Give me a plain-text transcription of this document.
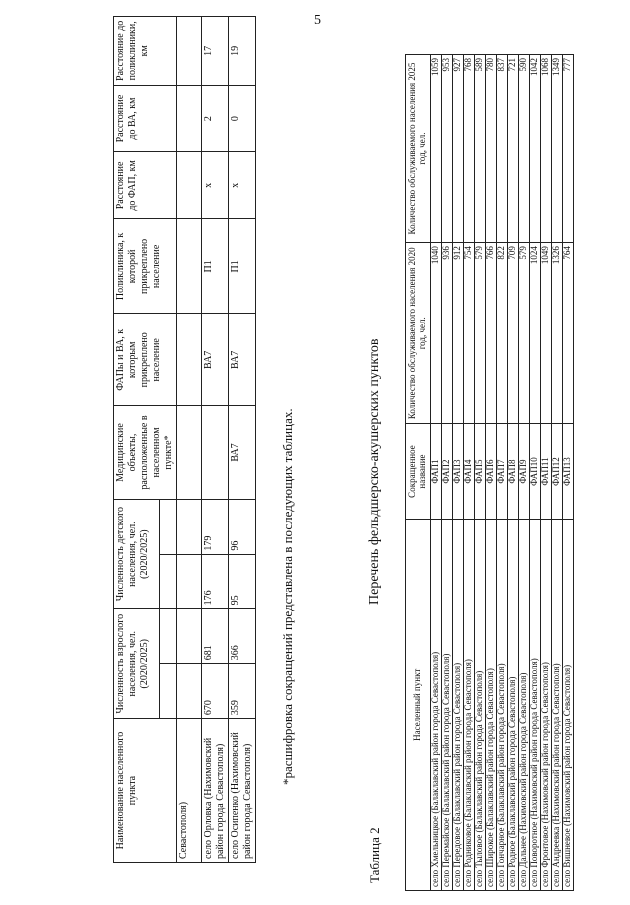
5
Наименование населенного пункта	Численность взрослого населения, чел. (2020/2025)		Численность детского населения, чел. (2020/2025)		Медицинские объекты, расположенные в населенном пункте*	ФАПы и ВА, к которым прикреплено население	Поликлиника, к которой прикреплено население	Расстояние до ФАП, км	Расстояние до ВА, км	Расстояние до поликлиники, км

Севастополя)										
село Орловка (Нахимовский район города Севастополя)	670	681	176	179		ВА7	П1	х	2	17
село Осипенко (Нахимовский район города Севастополя)	359	366	95	96	ВА7	ВА7	П1	х	0	19
*расшифровка сокращений представлена в последующих таблицах.
Таблица 2
Перечень фельдшерско-акушерских пунктов
Населенный пункт	Сокращенное название	Количество обслуживаемого населения 2020 год, чел.	Количество обслуживаемого населения 2025 год, чел.
село Хмельницкое (Балаклавский район города Севастополя)	ФАП1	1040	1059
село Перемайское (Балаклавский район города Севастополя)	ФАП2	936	953
село Передовое (Балаклавский район города Севастополя)	ФАП3	912	927
село Родниковое (Балаклавский район города Севастополя)	ФАП4	754	768
село Тыловое (Балаклавский район города Севастополя)	ФАП5	579	589
село Широкое (Балаклавский район города Севастополя)	ФАП6	766	780
село Гончарное (Балаклавский район города Севастополя)	ФАП7	822	837
село Родное (Балаклавский район города Севастополя)	ФАП8	709	721
село Дальнее (Нахимовский район города Севастополя)	ФАП9	579	590
село Поворотное (Нахимовский район города Севастополя)	ФАП10	1024	1042
село Фронтовое (Нахимовский район города Севастополя)	ФАП11	1049	1068
село Андреевка (Нахимовский район города Севастополя)	ФАП12	1326	1349
село Вишневое (Нахимовский район города Севастополя)	ФАП13	764	777
